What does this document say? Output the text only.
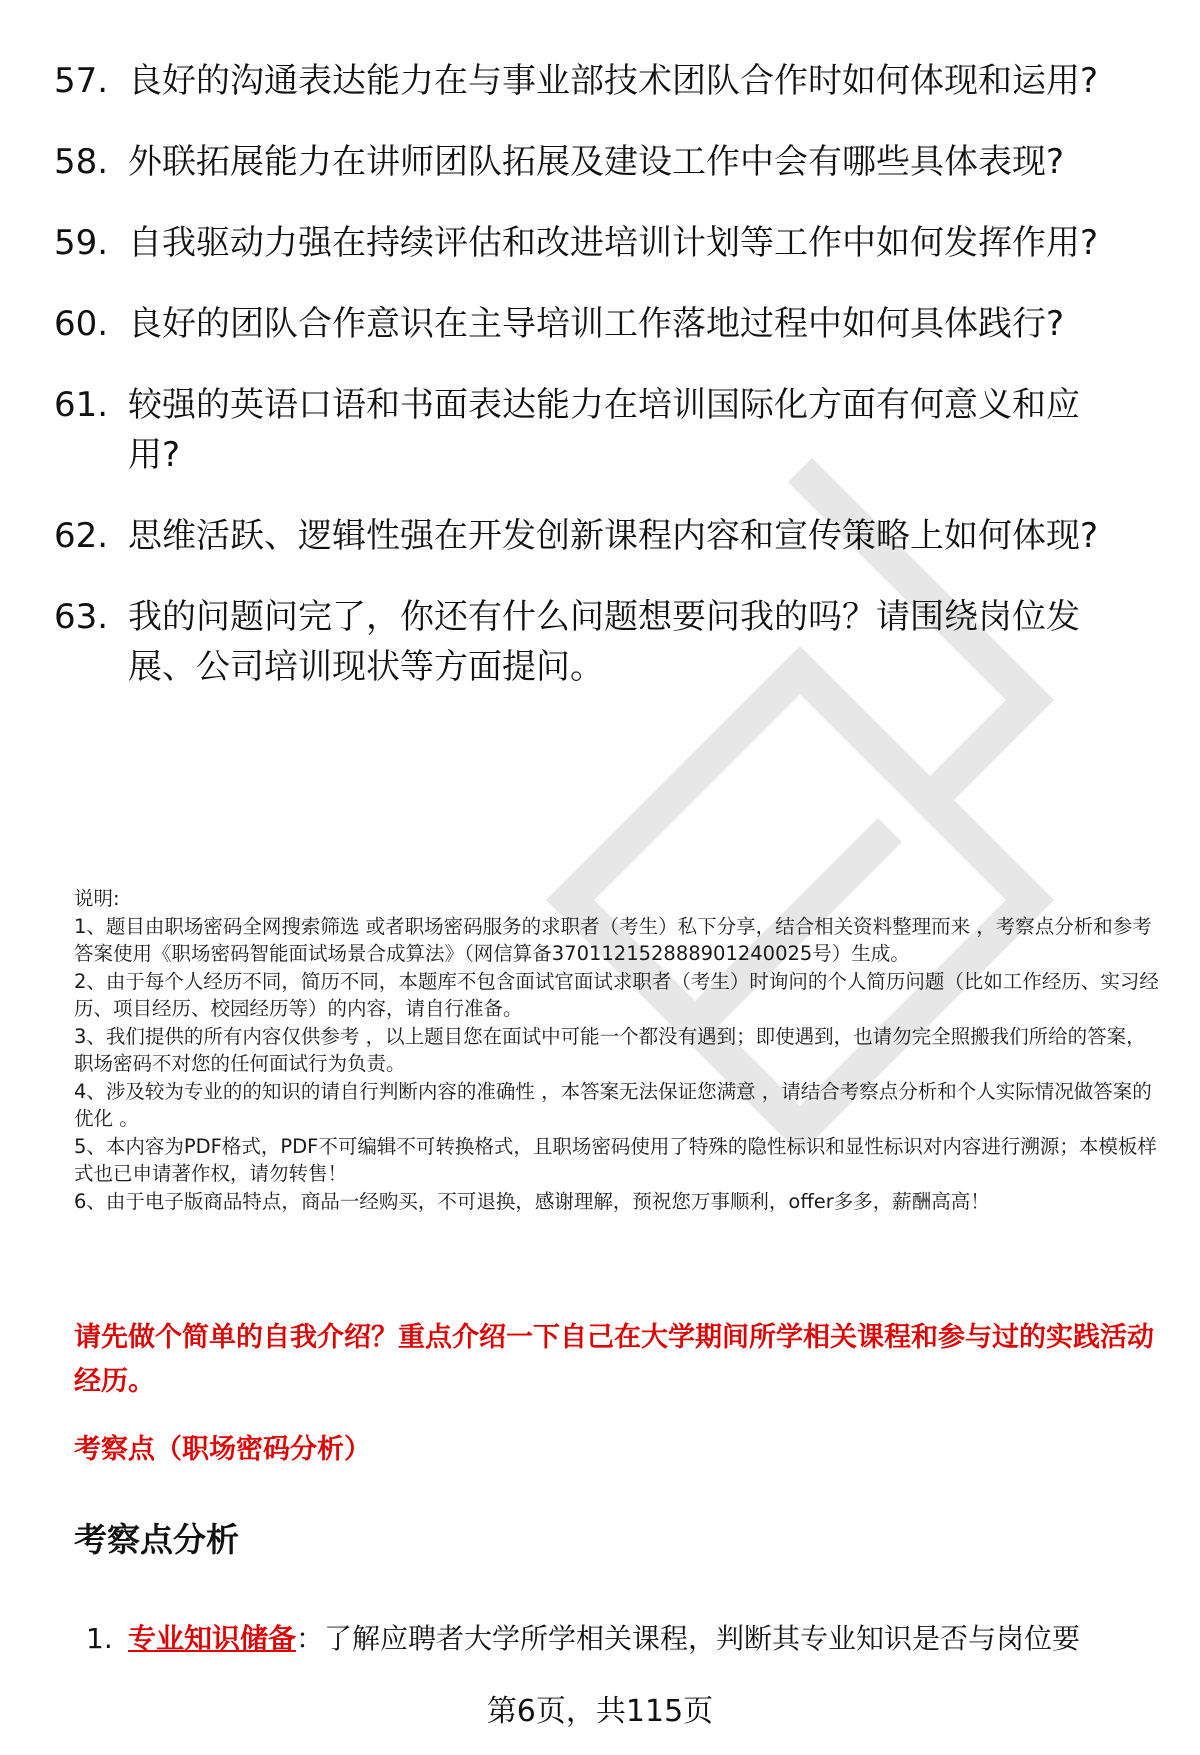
57. 良好的沟通表达能力在与事业部技术团队合作时如何体现和运用?
58. 外联拓展能力在讲师团队拓展及建设工作中会有哪些具体表现?
59. 自我驱动力强在持续评估和改进培训计划等工作中如何发挥作用?
60. 良好的团队合作意识在主导培训工作落地过程中如何具体践行?
61. 较强的英语口语和书面表达能力在培训国际化方面有何意义和应用?
62. 思维活跃、逻辑性强在开发创新课程内容和宣传策略上如何体现?
63. 我的问题问完了，你还有什么问题想要问我的吗？请围绕岗位发展、公司培训现状等方面提问。

说明:

1、题目由职场密码全网搜索筛选 或者职场密码服务的求职者（考生）私下分享，结合相关资料整理而来 ，考察点分析和参考答案使用《职场密码智能面试场景合成算法》（网信算备370112152888901240025号）生成。

2、由于每个人经历不同，简历不同，本题库不包含面试官面试求职者（考生）时询问的个人简历问题（比如工作经历、实习经历、项目经历、校园经历等）的内容，请自行准备。

3、我们提供的所有内容仅供参考 ，以上题目您在面试中可能一个都没有遇到；即使遇到，也请勿完全照搬我们所给的答案，职场密码不对您的任何面试行为负责。

4、涉及较为专业的的知识的请自行判断内容的准确性 ，本答案无法保证您满意 ，请结合考察点分析和个人实际情况做答案的优化 。

5、本内容为PDF格式，PDF不可编辑不可转换格式，且职场密码使用了特殊的隐性标识和显性标识对内容进行溯源；本模板样式也已申请著作权，请勿转售！

6、由于电子版商品特点，商品一经购买，不可退换，感谢理解，预祝您万事顺利，offer多多，薪酬高高！

请先做个简单的自我介绍？重点介绍一下自己在大学期间所学相关课程和参与过的实践活动经历。
考察点（职场密码分析）
考察点分析
1. 专业知识储备：了解应聘者大学所学相关课程，判断其专业知识是否与岗位要
第6页，共115页
